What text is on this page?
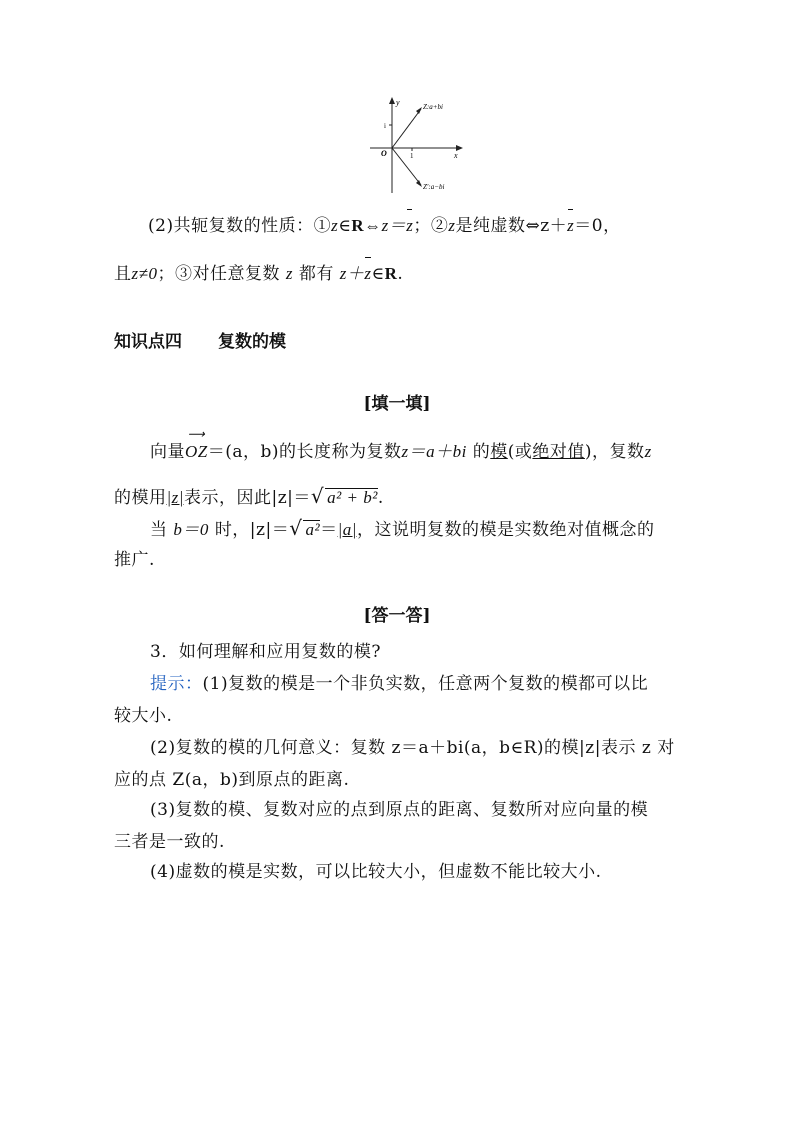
y
x
O
i
1
Z:a+bi
Z′:a−bi
(2)共轭复数的性质：①z∈R⇔z＝z；②z是纯虚数⇔z＋z＝0，
且z≠0；③对任意复数 z 都有 z＋z∈R.
知识点四 复数的模
[填一填]
向量
⟶
OZ＝(a，b)的长度称为复数z＝a＋bi 的模(或绝对值)，复数z
的模用|z|表示，因此|z|＝√ a² + b².
当 b＝0 时，|z|＝√ a²＝|a|，这说明复数的模是实数绝对值概念的
推广.
[答一答]
3．如何理解和应用复数的模?
提示：(1)复数的模是一个非负实数，任意两个复数的模都可以比
较大小.
(2)复数的模的几何意义：复数 z＝a＋bi(a，b∈R)的模|z|表示 z 对
应的点 Z(a，b)到原点的距离.
(3)复数的模、复数对应的点到原点的距离、复数所对应向量的模
三者是一致的.
(4)虚数的模是实数，可以比较大小，但虚数不能比较大小.
